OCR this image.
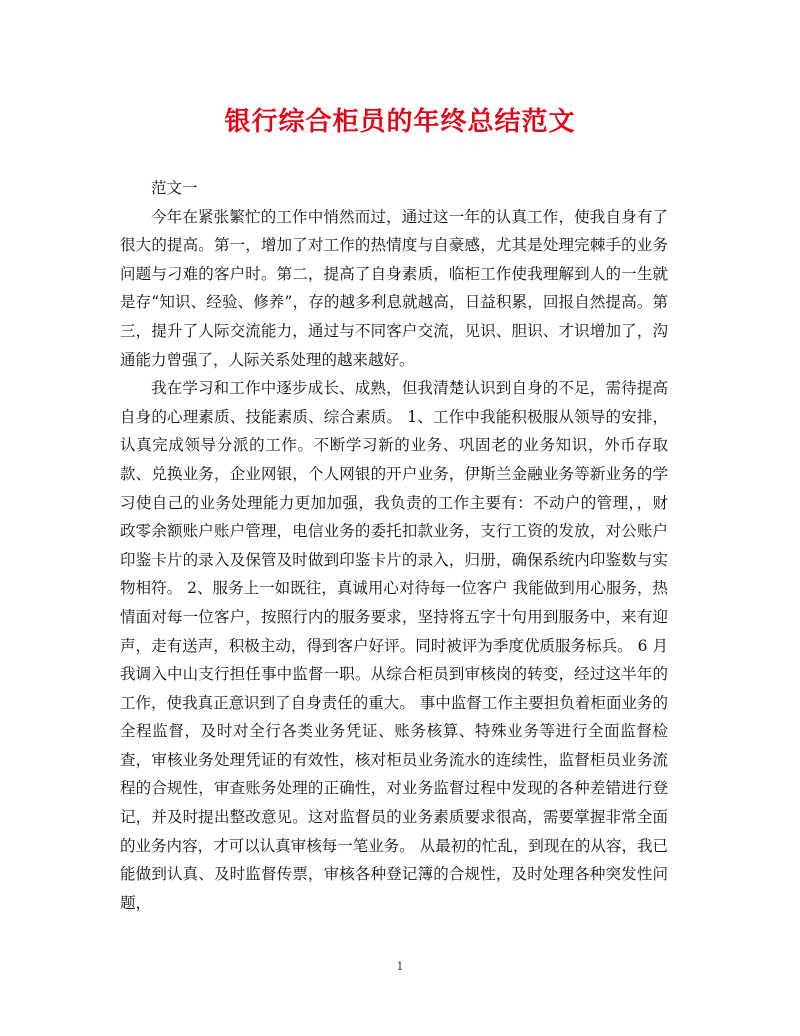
银行综合柜员的年终总结范文

范文一

今年在紧张繁忙的工作中悄然而过，通过这一年的认真工作，使我自身有了很大的提高。第一，增加了对工作的热情度与自豪感，尤其是处理完棘手的业务问题与刁难的客户时。第二，提高了自身素质，临柜工作使我理解到人的一生就是存“知识、经验、修养”，存的越多利息就越高，日益积累，回报自然提高。第三，提升了人际交流能力，通过与不同客户交流，见识、胆识、才识增加了，沟通能力曾强了，人际关系处理的越来越好。

我在学习和工作中逐步成长、成熟，但我清楚认识到自身的不足，需待提高自身的心理素质、技能素质、综合素质。 1、工作中我能积极服从领导的安排，认真完成领导分派的工作。不断学习新的业务、巩固老的业务知识，外币存取款、兑换业务，企业网银，个人网银的开户业务，伊斯兰金融业务等新业务的学习使自己的业务处理能力更加加强，我负责的工作主要有：不动户的管理，，财政零余额账户账户管理，电信业务的委托扣款业务，支行工资的发放，对公账户印鉴卡片的录入及保管及时做到印鉴卡片的录入，归册，确保系统内印鉴数与实物相符。 2、服务上一如既往，真诚用心对待每一位客户 我能做到用心服务，热情面对每一位客户，按照行内的服务要求，坚持将五字十句用到服务中，来有迎声，走有送声，积极主动，得到客户好评。同时被评为季度优质服务标兵。 6 月我调入中山支行担任事中监督一职。从综合柜员到审核岗的转变，经过这半年的工作，使我真正意识到了自身责任的重大。 事中监督工作主要担负着柜面业务的全程监督，及时对全行各类业务凭证、账务核算、特殊业务等进行全面监督检查，审核业务处理凭证的有效性，核对柜员业务流水的连续性，监督柜员业务流程的合规性，审查账务处理的正确性，对业务监督过程中发现的各种差错进行登记，并及时提出整改意见。这对监督员的业务素质要求很高，需要掌握非常全面的业务内容，才可以认真审核每一笔业务。 从最初的忙乱，到现在的从容，我已能做到认真、及时监督传票，审核各种登记簿的合规性，及时处理各种突发性问题，

1
